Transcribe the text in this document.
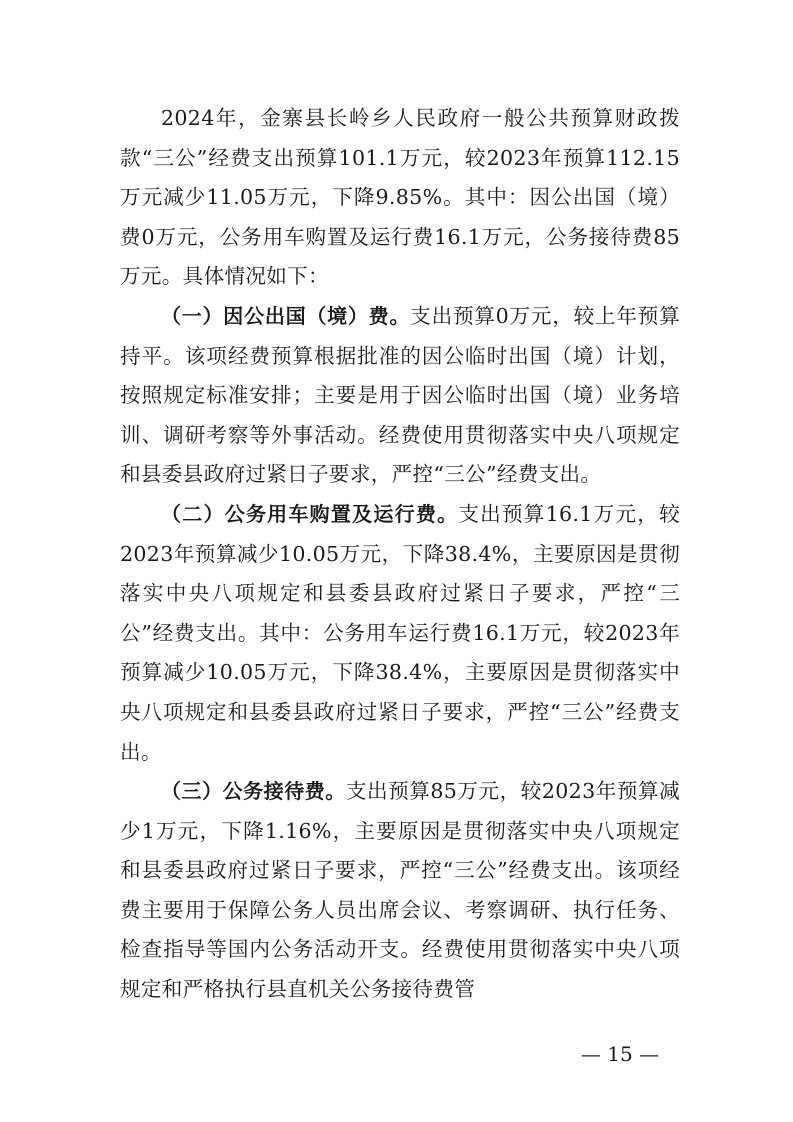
2024年，金寨县长岭乡人民政府一般公共预算财政拨款“三公”经费支出预算101.1万元，较2023年预算112.15万元减少11.05万元，下降9.85%。其中：因公出国（境）费0万元，公务用车购置及运行费16.1万元，公务接待费85万元。具体情况如下：

（一）因公出国（境）费。支出预算0万元，较上年预算持平。该项经费预算根据批准的因公临时出国（境）计划，按照规定标准安排；主要是用于因公临时出国（境）业务培训、调研考察等外事活动。经费使用贯彻落实中央八项规定和县委县政府过紧日子要求，严控“三公”经费支出。

（二）公务用车购置及运行费。支出预算16.1万元，较2023年预算减少10.05万元，下降38.4%，主要原因是贯彻落实中央八项规定和县委县政府过紧日子要求，严控“三公”经费支出。其中：公务用车运行费16.1万元，较2023年预算减少10.05万元，下降38.4%，主要原因是贯彻落实中央八项规定和县委县政府过紧日子要求，严控“三公”经费支出。

（三）公务接待费。支出预算85万元，较2023年预算减少1万元，下降1.16%，主要原因是贯彻落实中央八项规定和县委县政府过紧日子要求，严控“三公”经费支出。该项经费主要用于保障公务人员出席会议、考察调研、执行任务、检查指导等国内公务活动开支。经费使用贯彻落实中央八项规定和严格执行县直机关公务接待费管

— 15 —
